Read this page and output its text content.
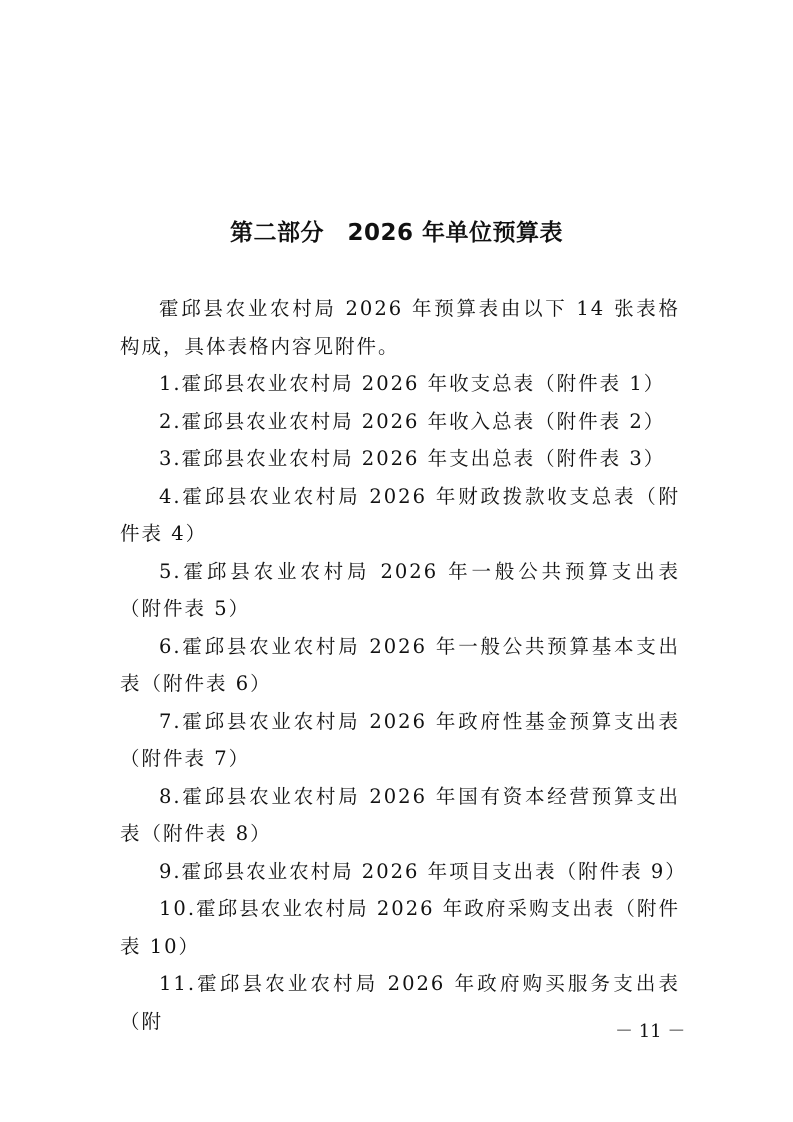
第二部分　2026 年单位预算表

霍邱县农业农村局 2026 年预算表由以下 14 张表格构成，具体表格内容见附件。

1.霍邱县农业农村局 2026 年收支总表（附件表 1）

2.霍邱县农业农村局 2026 年收入总表（附件表 2）

3.霍邱县农业农村局 2026 年支出总表（附件表 3）

4.霍邱县农业农村局 2026 年财政拨款收支总表（附件表 4）

5.霍邱县农业农村局 2026 年一般公共预算支出表（附件表 5）

6.霍邱县农业农村局 2026 年一般公共预算基本支出表（附件表 6）

7.霍邱县农业农村局 2026 年政府性基金预算支出表（附件表 7）

8.霍邱县农业农村局 2026 年国有资本经营预算支出表（附件表 8）

9.霍邱县农业农村局 2026 年项目支出表（附件表 9）

10.霍邱县农业农村局 2026 年政府采购支出表（附件表 10）

11.霍邱县农业农村局 2026 年政府购买服务支出表（附	－ 11 －
